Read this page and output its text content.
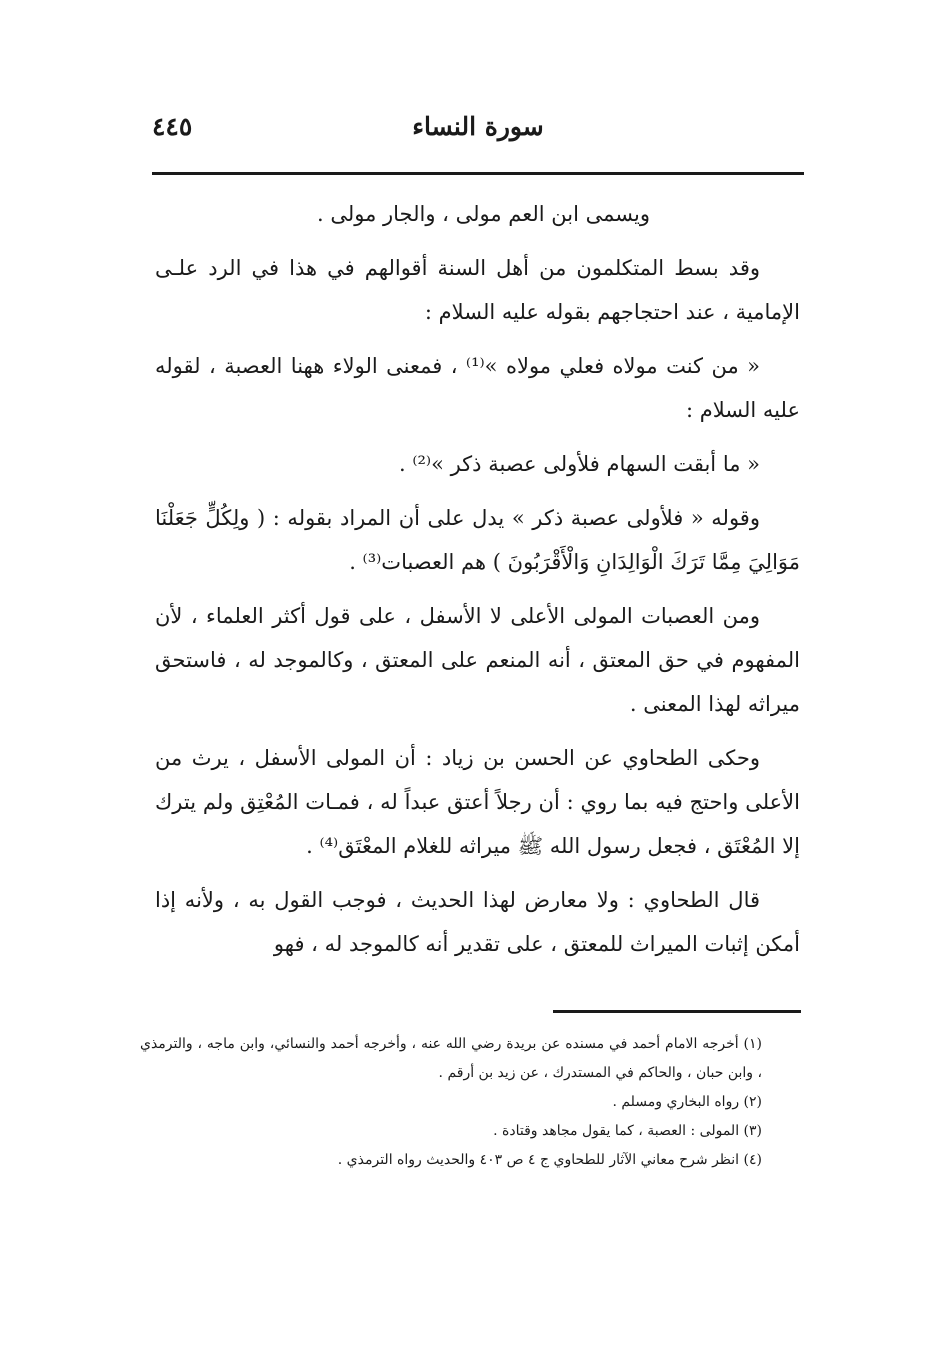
سورة النساء
٤٤٥

ويسمى ابن العم مولى ، والجار مولى .

وقد بسط المتكلمون من أهل السنة أقوالهم في هذا في الرد علـى الإمامية ، عند احتجاجهم بقوله عليه السلام :

« من كنت مولاه فعلي مولاه »⁽¹⁾ ، فمعنى الولاء ههنا العصبة ، لقوله عليه السلام :

« ما أبقت السهام فلأولى عصبة ذكر »⁽²⁾ .

وقوله « فلأولى عصبة ذكر » يدل على أن المراد بقوله : ( ولِكُلٍّ جَعَلْنَا مَوَالِيَ مِمَّا تَرَكَ الْوَالِدَانِ وَالْأَقْرَبُونَ ) هم العصبات⁽³⁾ .

ومن العصبات المولى الأعلى لا الأسفل ، على قول أكثر العلماء ، لأن المفهوم في حق المعتق ، أنه المنعم على المعتق ، وكالموجد له ، فاستحق ميراثه لهذا المعنى .

وحكى الطحاوي عن الحسن بن زياد : أن المولى الأسفل ، يرث من الأعلى واحتج فيه بما روي : أن رجلاً أعتق عبداً له ، فمـات المُعْتِق ولم يترك إلا المُعْتَق ، فجعل رسول الله ﷺ ميراثه للغلام المعْتَق⁽⁴⁾ .

قال الطحاوي : ولا معارض لهذا الحديث ، فوجب القول به ، ولأنه إذا أمكن إثبات الميراث للمعتق ، على تقدير أنه كالموجد له ، فهو

(١) أخرجه الامام أحمد في مسنده عن بريدة رضي الله عنه ، وأخرجه أحمد والنسائي، وابن ماجه ، والترمذي ، وابن حبان ، والحاكم في المستدرك ، عن زيد بن أرقم .

(٢) رواه البخاري ومسلم .

(٣) المولى : العصبة ، كما يقول مجاهد وقتادة .

(٤) انظر شرح معاني الآثار للطحاوي ج ٤ ص ٤٠٣ والحديث رواه الترمذي .
